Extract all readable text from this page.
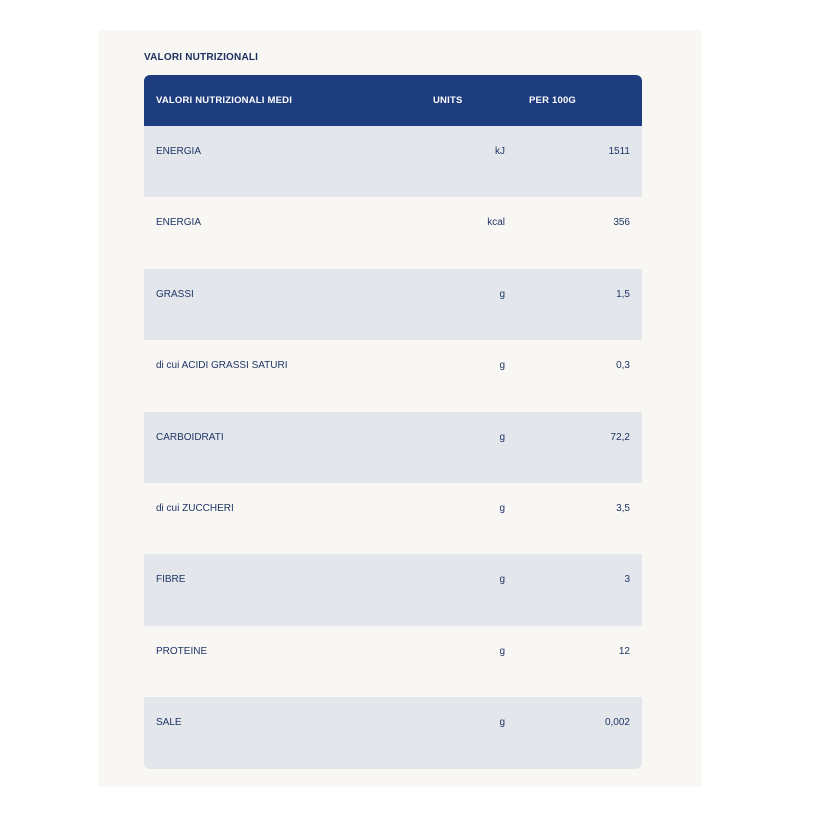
VALORI NUTRIZIONALI
VALORI NUTRIZIONALI MEDI	UNITS	PER 100G
ENERGIA	kJ	1511
ENERGIA	kcal	356
GRASSI	g	1,5
di cui ACIDI GRASSI SATURI	g	0,3
CARBOIDRATI	g	72,2
di cui ZUCCHERI	g	3,5
FIBRE	g	3
PROTEINE	g	12
SALE	g	0,002
